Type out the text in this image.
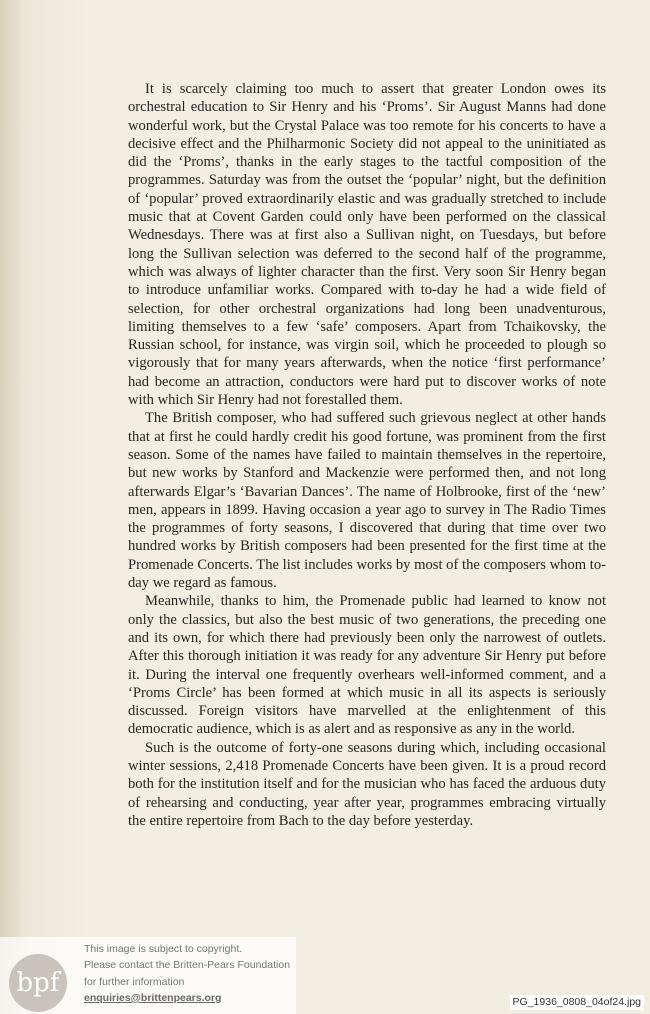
It is scarcely claiming too much to assert that greater London owes its orchestral education to Sir Henry and his ‘Proms’. Sir August Manns had done wonderful work, but the Crystal Palace was too remote for his concerts to have a decisive effect and the Philharmonic Society did not appeal to the uninitiated as did the ‘Proms’, thanks in the early stages to the tactful composition of the programmes. Saturday was from the outset the ‘popular’ night, but the definition of ‘popular’ proved extraordinarily elastic and was gradually stretched to include music that at Covent Garden could only have been performed on the classical Wednesdays. There was at first also a Sullivan night, on Tuesdays, but before long the Sullivan selection was deferred to the second half of the programme, which was always of lighter character than the first. Very soon Sir Henry began to introduce unfamiliar works. Compared with to-day he had a wide field of selection, for other orchestral organizations had long been unadventurous, limiting themselves to a few ‘safe’ composers. Apart from Tchaikovsky, the Russian school, for instance, was virgin soil, which he proceeded to plough so vigorously that for many years afterwards, when the notice ‘first performance’ had become an attraction, conductors were hard put to discover works of note with which Sir Henry had not forestalled them.

The British composer, who had suffered such grievous neglect at other hands that at first he could hardly credit his good fortune, was prominent from the first season. Some of the names have failed to maintain themselves in the repertoire, but new works by Stanford and Mackenzie were performed then, and not long afterwards Elgar’s ‘Bavarian Dances’. The name of Holbrooke, first of the ‘new’ men, appears in 1899. Having occasion a year ago to survey in The Radio Times the programmes of forty seasons, I discovered that during that time over two hundred works by British composers had been presented for the first time at the Promenade Concerts. The list includes works by most of the composers whom to-day we regard as famous.

Meanwhile, thanks to him, the Promenade public had learned to know not only the classics, but also the best music of two generations, the preceding one and its own, for which there had previously been only the narrowest of outlets. After this thorough initiation it was ready for any adventure Sir Henry put before it. During the interval one frequently overhears well-informed comment, and a ‘Proms Circle’ has been formed at which music in all its aspects is seriously discussed. Foreign visitors have marvelled at the enlightenment of this democratic audience, which is as alert and as responsive as any in the world.

Such is the outcome of forty-one seasons during which, including occasional winter sessions, 2,418 Promenade Concerts have been given. It is a proud record both for the institution itself and for the musician who has faced the arduous duty of rehearsing and conducting, year after year, programmes embracing virtually the entire repertoire from Bach to the day before yesterday.

bpf
This image is subject to copyright.
Please contact the Britten-Pears Foundation
for further information
enquiries@brittenpears.org	PG_1936_0808_04of24.jpg
